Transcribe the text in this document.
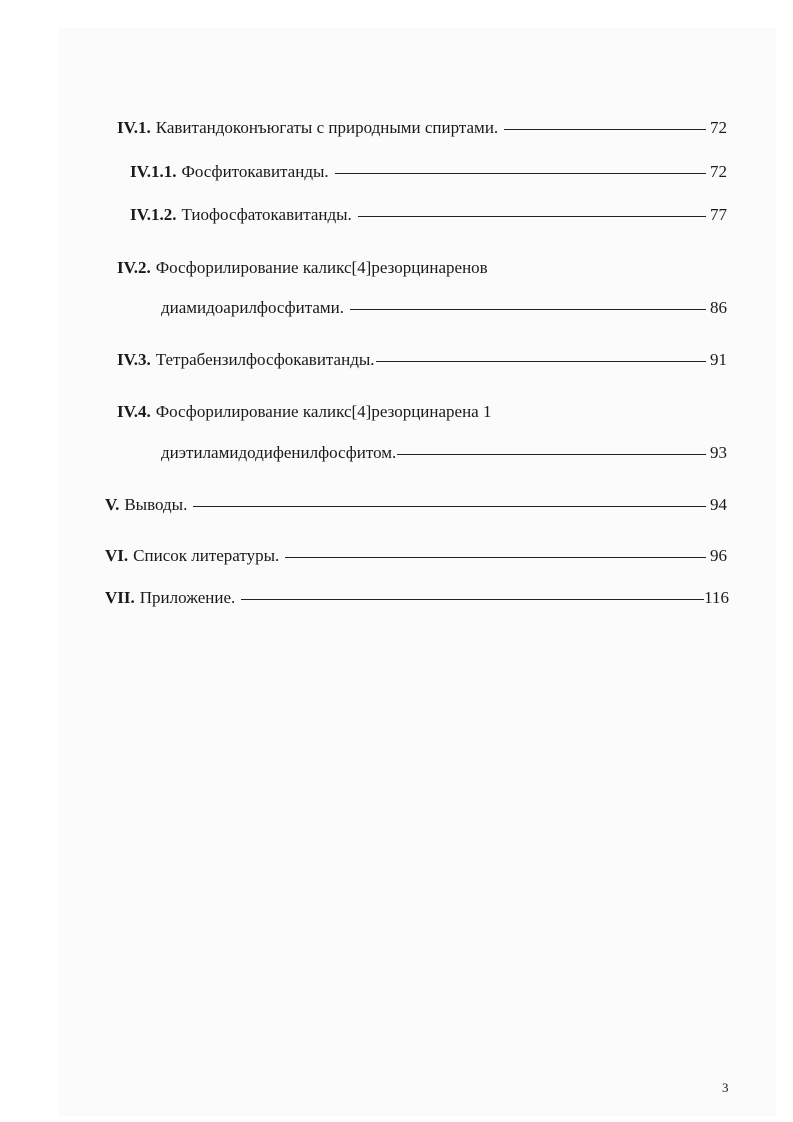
IV.1. Кавитандоконъюгаты с природными спиртами.	72
IV.1.1. Фосфитокавитанды.	72
IV.1.2. Тиофосфатокавитанды.	77
IV.2. Фосфорилирование каликс[4]резорцинаренов
диамидоарилфосфитами.	86
IV.3. Тетрабензилфосфокавитанды.	91
IV.4. Фосфорилирование каликс[4]резорцинарена 1
диэтиламидодифенилфосфитом.	93
V. Выводы.	94
VI. Список литературы.	96
VII. Приложение.	116
3
